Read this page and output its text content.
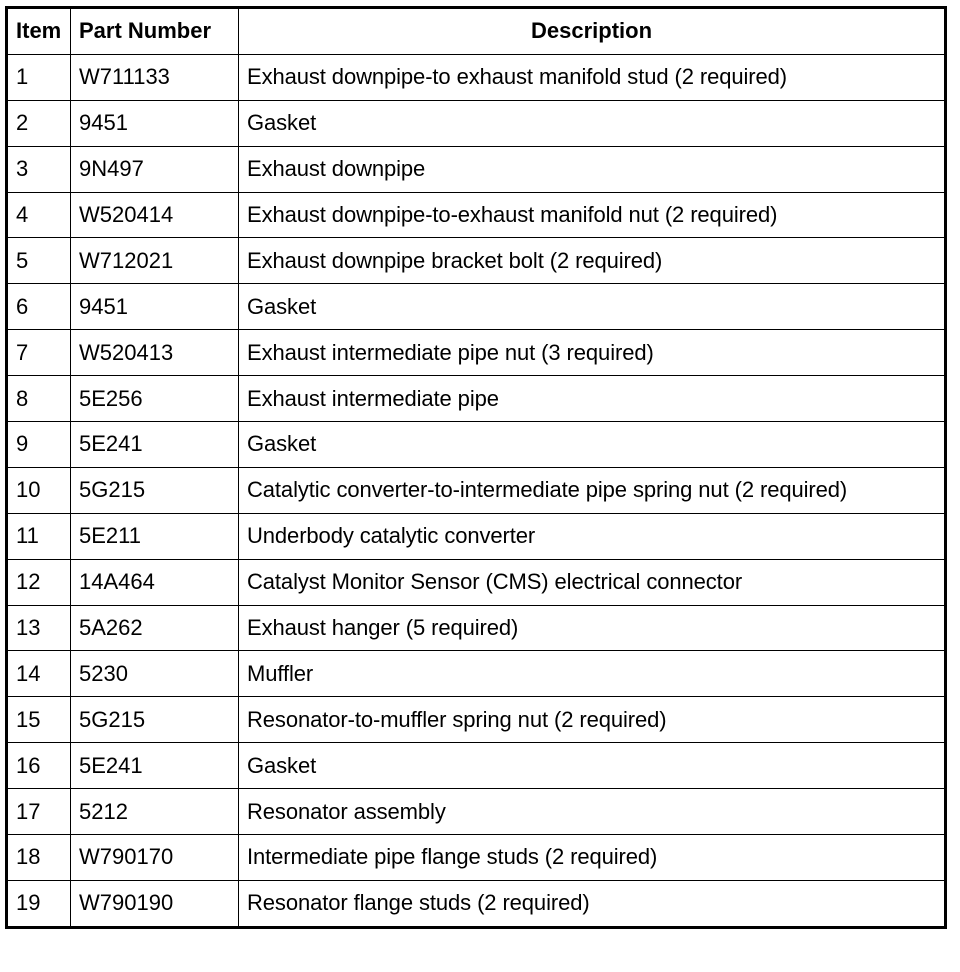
Item	Part Number	Description
1	W711133	Exhaust downpipe-to exhaust manifold stud (2 required)
2	9451	Gasket
3	9N497	Exhaust downpipe
4	W520414	Exhaust downpipe-to-exhaust manifold nut (2 required)
5	W712021	Exhaust downpipe bracket bolt (2 required)
6	9451	Gasket
7	W520413	Exhaust intermediate pipe nut (3 required)
8	5E256	Exhaust intermediate pipe
9	5E241	Gasket
10	5G215	Catalytic converter-to-intermediate pipe spring nut (2 required)
11	5E211	Underbody catalytic converter
12	14A464	Catalyst Monitor Sensor (CMS) electrical connector
13	5A262	Exhaust hanger (5 required)
14	5230	Muffler
15	5G215	Resonator-to-muffler spring nut (2 required)
16	5E241	Gasket
17	5212	Resonator assembly
18	W790170	Intermediate pipe flange studs (2 required)
19	W790190	Resonator flange studs (2 required)
